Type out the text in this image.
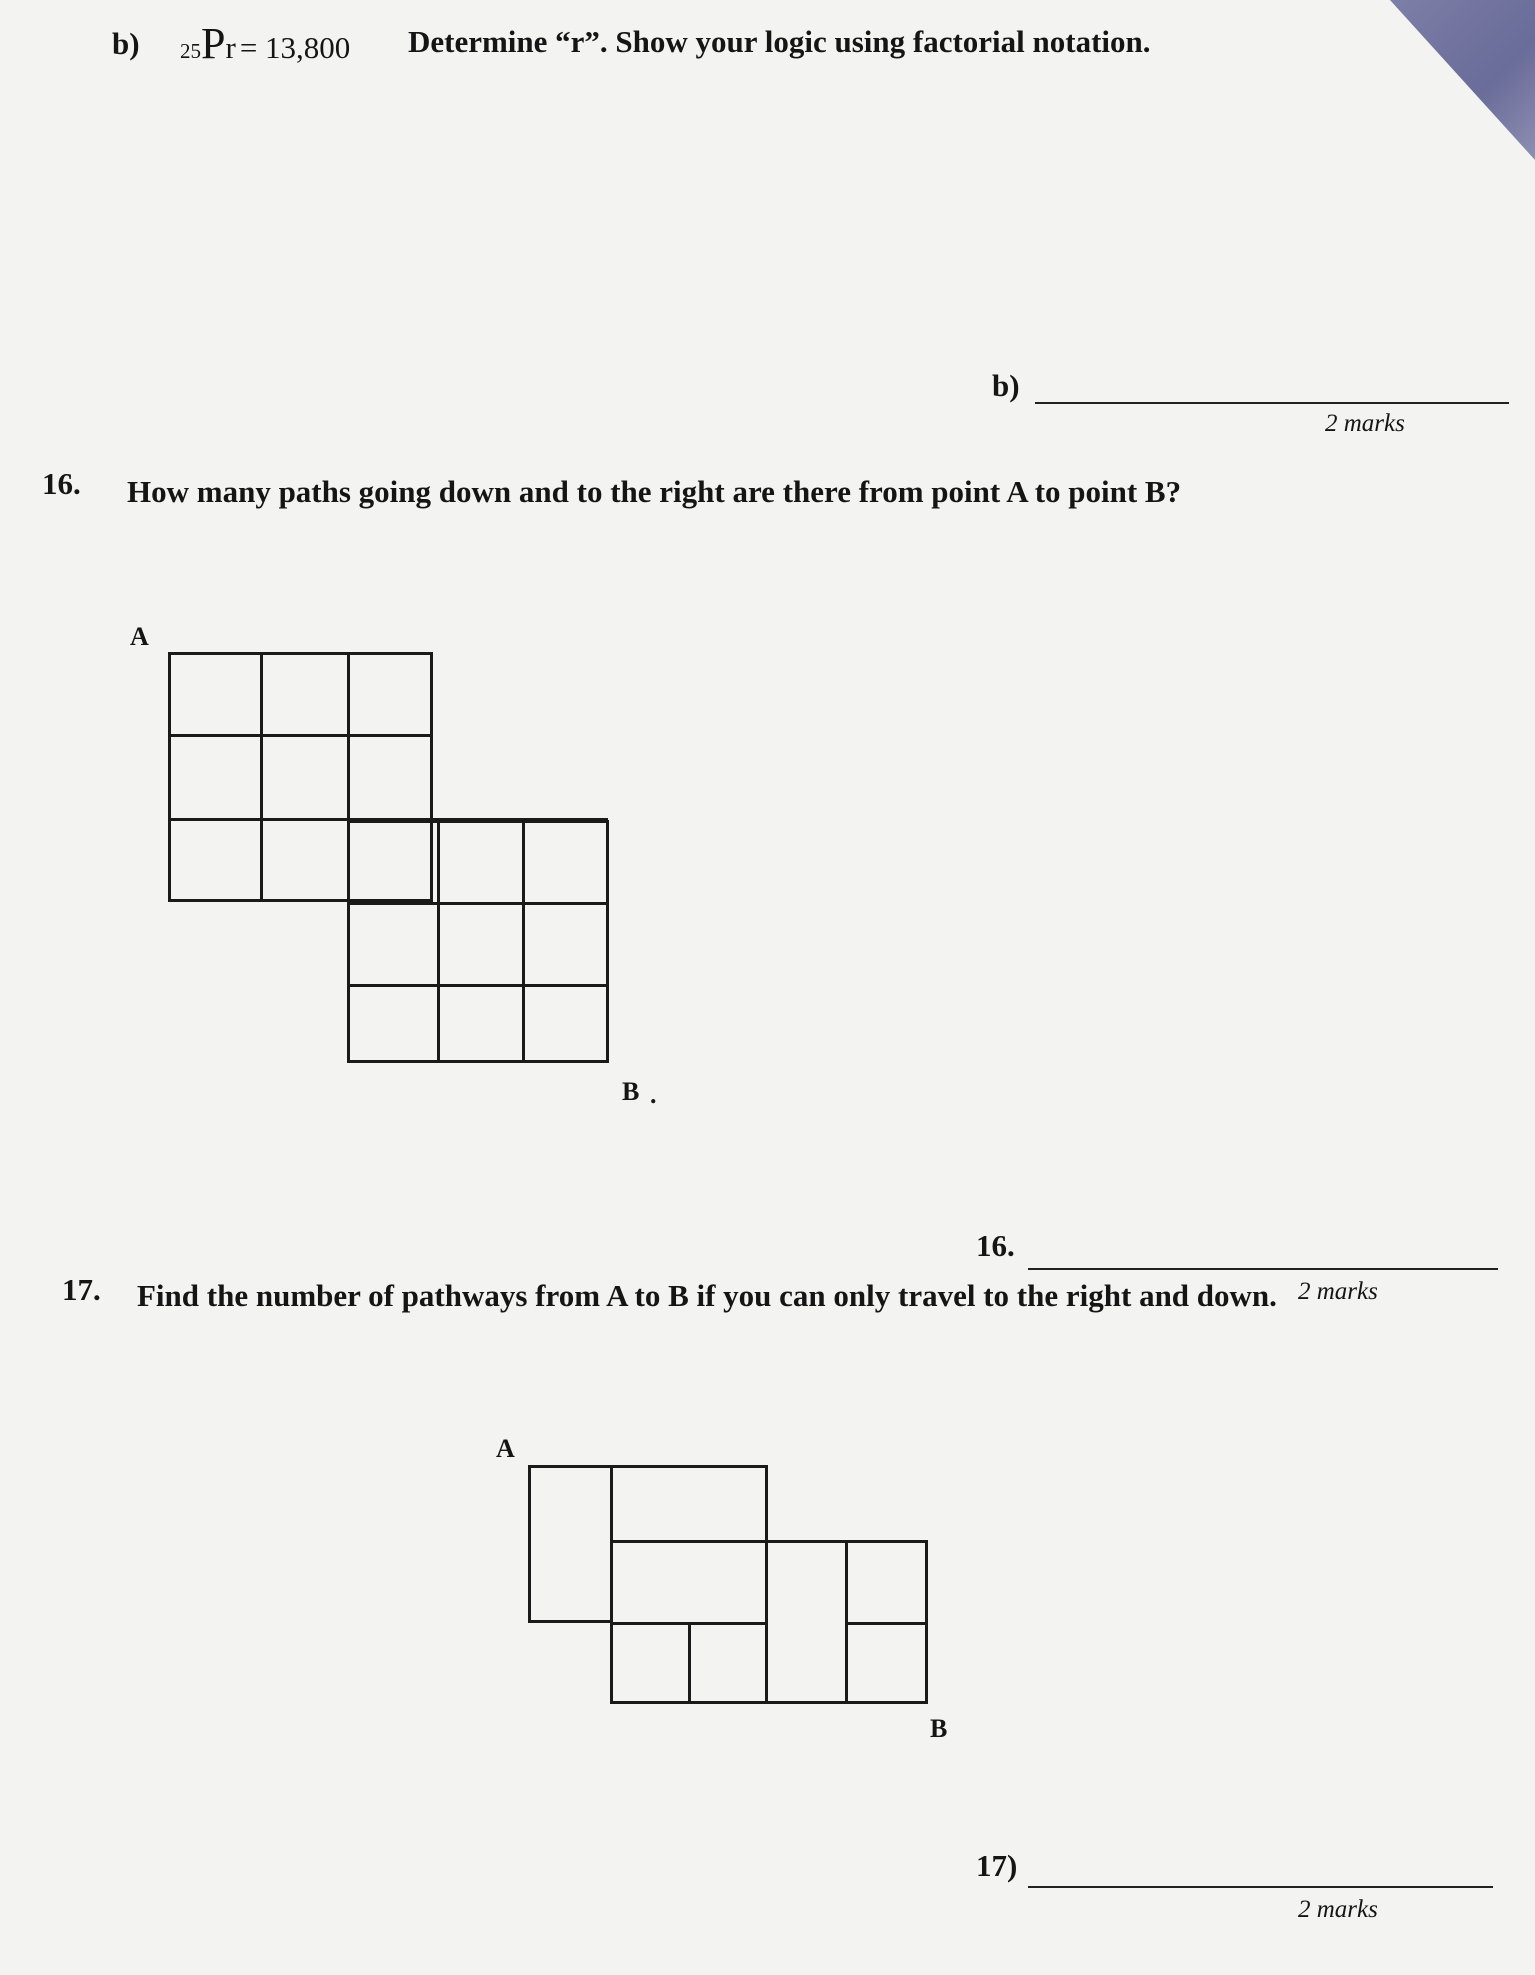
b) 25Pr = 13,800 Determine “r”. Show your logic using factorial notation.
b)
2 marks
16. How many paths going down and to the right are there from point A to point B?
A
B .
16.
2 marks
17. Find the number of pathways from A to B if you can only travel to the right and down.
A
B
17)
2 marks
